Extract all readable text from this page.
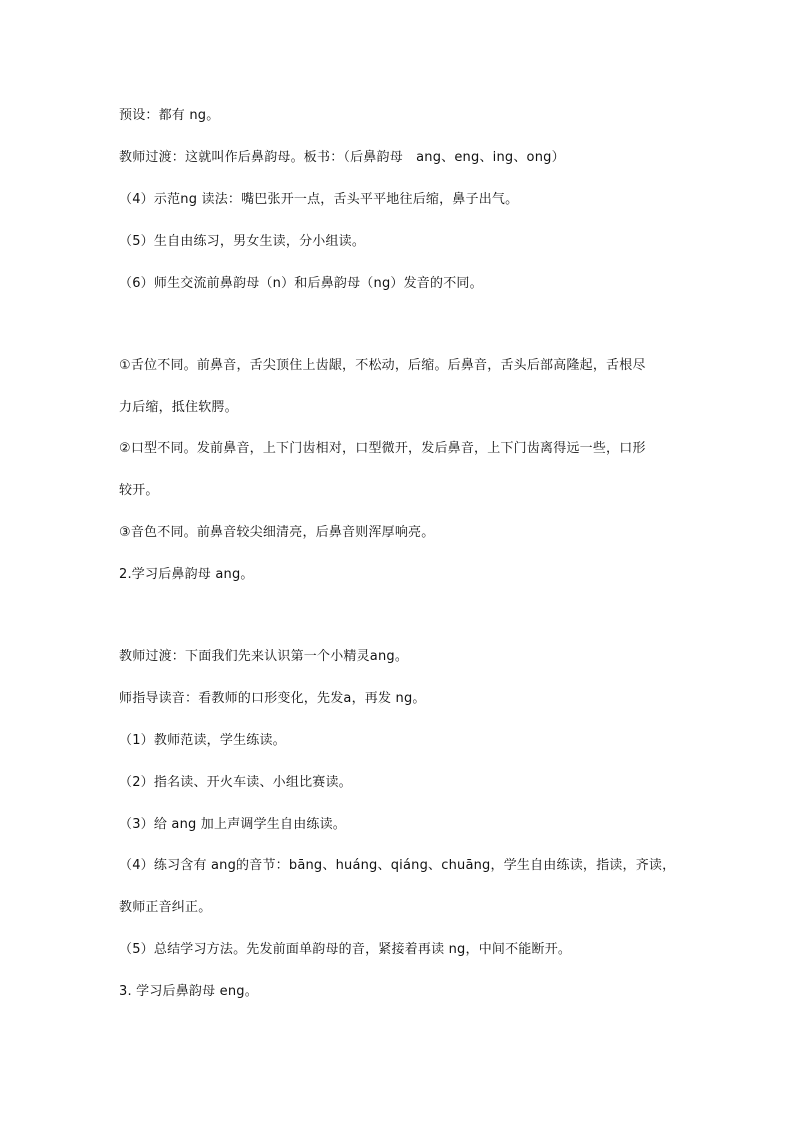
预设：都有 ng。
教师过渡：这就叫作后鼻韵母。板书：（后鼻韵母　ang、eng、ing、ong）
（4）示范ng 读法：嘴巴张开一点，舌头平平地往后缩，鼻子出气。
（5）生自由练习，男女生读，分小组读。
（6）师生交流前鼻韵母（n）和后鼻韵母（ng）发音的不同。
①舌位不同。前鼻音，舌尖顶住上齿龈，不松动，后缩。后鼻音，舌头后部高隆起，舌根尽
力后缩，抵住软腭。
②口型不同。发前鼻音，上下门齿相对，口型微开，发后鼻音，上下门齿离得远一些，口形
较开。
③音色不同。前鼻音较尖细清亮，后鼻音则浑厚响亮。
2.学习后鼻韵母 ang。
教师过渡：下面我们先来认识第一个小精灵ang。
师指导读音：看教师的口形变化，先发a，再发 ng。
（1）教师范读，学生练读。
（2）指名读、开火车读、小组比赛读。
（3）给 ang 加上声调学生自由练读。
（4）练习含有 ang的音节：bāng、huáng、qiáng、chuāng，学生自由练读，指读，齐读，
教师正音纠正。
（5）总结学习方法。先发前面单韵母的音，紧接着再读 ng，中间不能断开。
3. 学习后鼻韵母 eng。
